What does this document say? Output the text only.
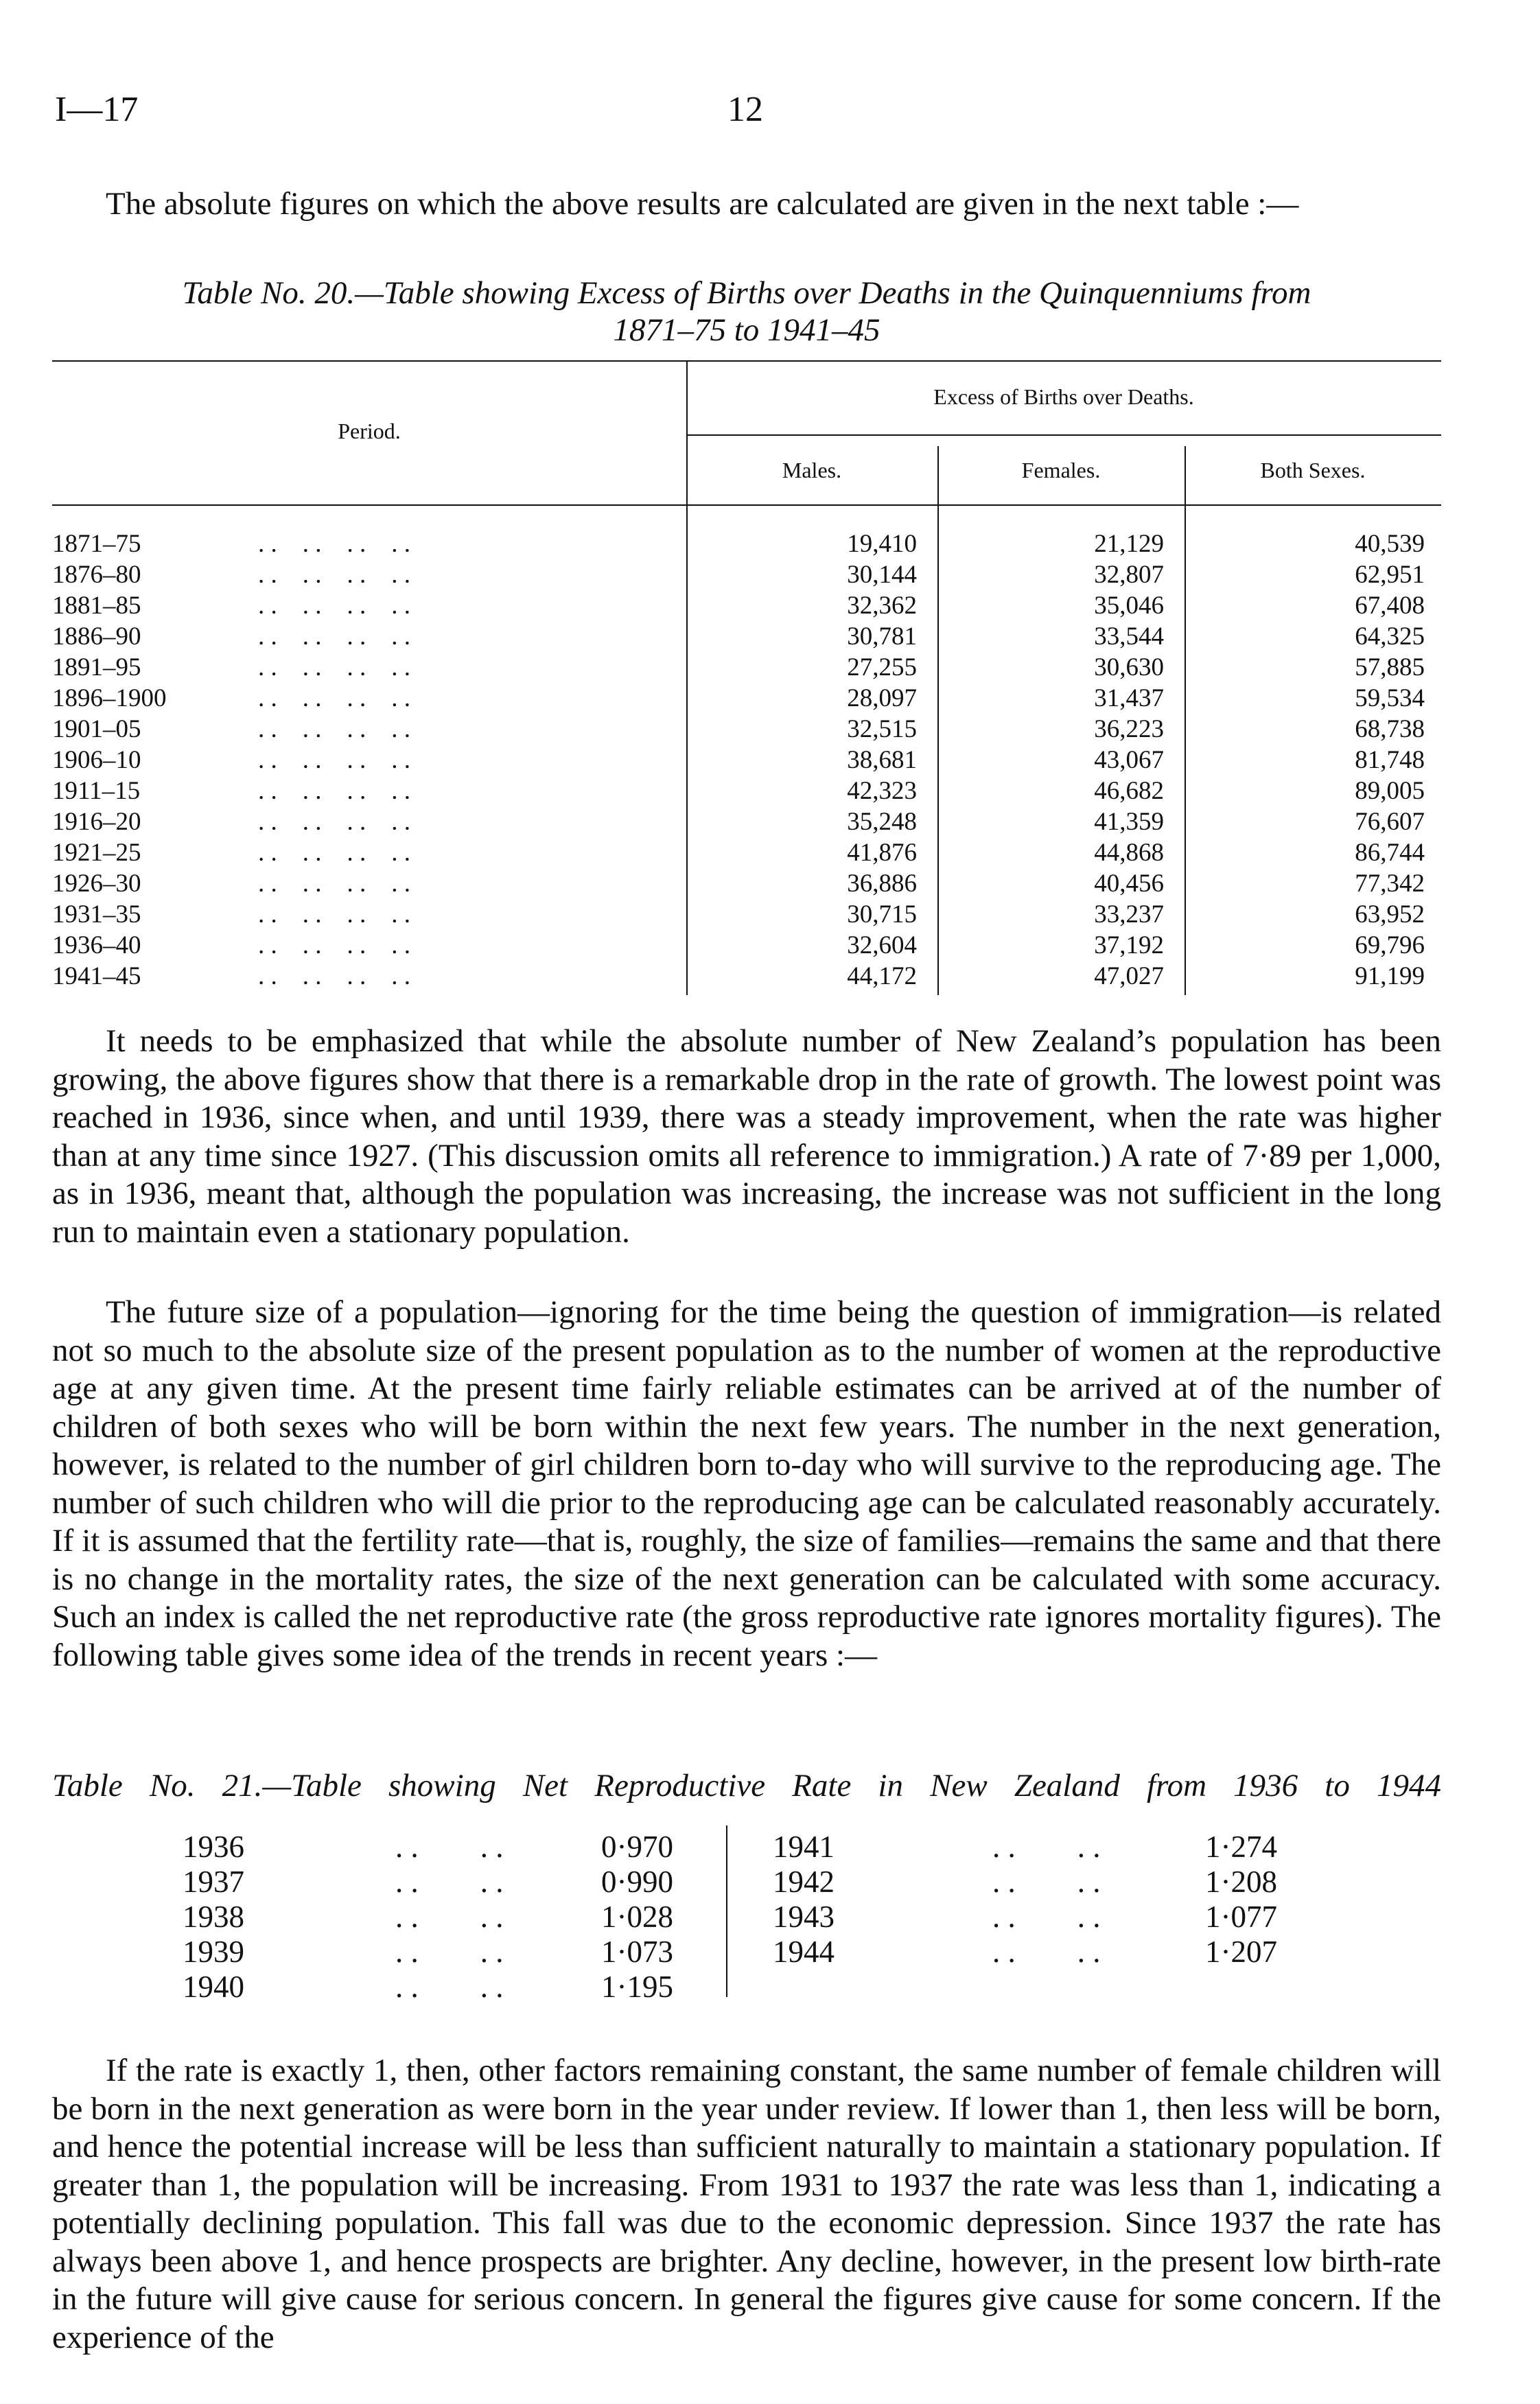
I—17	12
The absolute figures on which the above results are calculated are given in the next table :—
Table No. 20.—Table showing Excess of Births over Deaths in the Quinquenniums from
1871–75 to 1941–45
Period.
Excess of Births over Deaths.
Males.	Females.	Both Sexes.
1871–75	. .    . .    . .    . .	19,410	21,129	40,539
1876–80	. .    . .    . .    . .	30,144	32,807	62,951
1881–85	. .    . .    . .    . .	32,362	35,046	67,408
1886–90	. .    . .    . .    . .	30,781	33,544	64,325
1891–95	. .    . .    . .    . .	27,255	30,630	57,885
1896–1900	. .    . .    . .    . .	28,097	31,437	59,534
1901–05	. .    . .    . .    . .	32,515	36,223	68,738
1906–10	. .    . .    . .    . .	38,681	43,067	81,748
1911–15	. .    . .    . .    . .	42,323	46,682	89,005
1916–20	. .    . .    . .    . .	35,248	41,359	76,607
1921–25	. .    . .    . .    . .	41,876	44,868	86,744
1926–30	. .    . .    . .    . .	36,886	40,456	77,342
1931–35	. .    . .    . .    . .	30,715	33,237	63,952
1936–40	. .    . .    . .    . .	32,604	37,192	69,796
1941–45	. .    . .    . .    . .	44,172	47,027	91,199
It needs to be emphasized that while the absolute number of New Zealand’s population has been growing, the above figures show that there is a remarkable drop in the rate of growth. The lowest point was reached in 1936, since when, and until 1939, there was a steady improvement, when the rate was higher than at any time since 1927. (This discussion omits all reference to immigration.) A rate of 7·89 per 1,000, as in 1936, meant that, although the population was increasing, the increase was not sufficient in the long run to maintain even a stationary population.
The future size of a population—ignoring for the time being the question of immigration—is related not so much to the absolute size of the present population as to the number of women at the reproductive age at any given time. At the present time fairly reliable estimates can be arrived at of the number of children of both sexes who will be born within the next few years. The number in the next generation, however, is related to the number of girl children born to-day who will survive to the reproducing age. The number of such children who will die prior to the reproducing age can be calculated reasonably accurately. If it is assumed that the fertility rate—that is, roughly, the size of families—remains the same and that there is no change in the mortality rates, the size of the next generation can be calculated with some accuracy. Such an index is called the net reproductive rate (the gross reproductive rate ignores mortality figures). The following table gives some idea of the trends in recent years :—
Table No. 21.—Table showing Net Reproductive Rate in New Zealand from 1936 to 1944
1936	. .        . .	0·970
1937	. .        . .	0·990
1938	. .        . .	1·028
1939	. .        . .	1·073
1940	. .        . .	1·195
1941	. .        . .	1·274
1942	. .        . .	1·208
1943	. .        . .	1·077
1944	. .        . .	1·207
If the rate is exactly 1, then, other factors remaining constant, the same number of female children will be born in the next generation as were born in the year under review. If lower than 1, then less will be born, and hence the potential increase will be less than sufficient naturally to maintain a stationary population. If greater than 1, the population will be increasing. From 1931 to 1937 the rate was less than 1, indicating a potentially declining population. This fall was due to the economic depression. Since 1937 the rate has always been above 1, and hence prospects are brighter. Any decline, however, in the present low birth-rate in the future will give cause for serious concern. In general the figures give cause for some concern. If the experience of the
